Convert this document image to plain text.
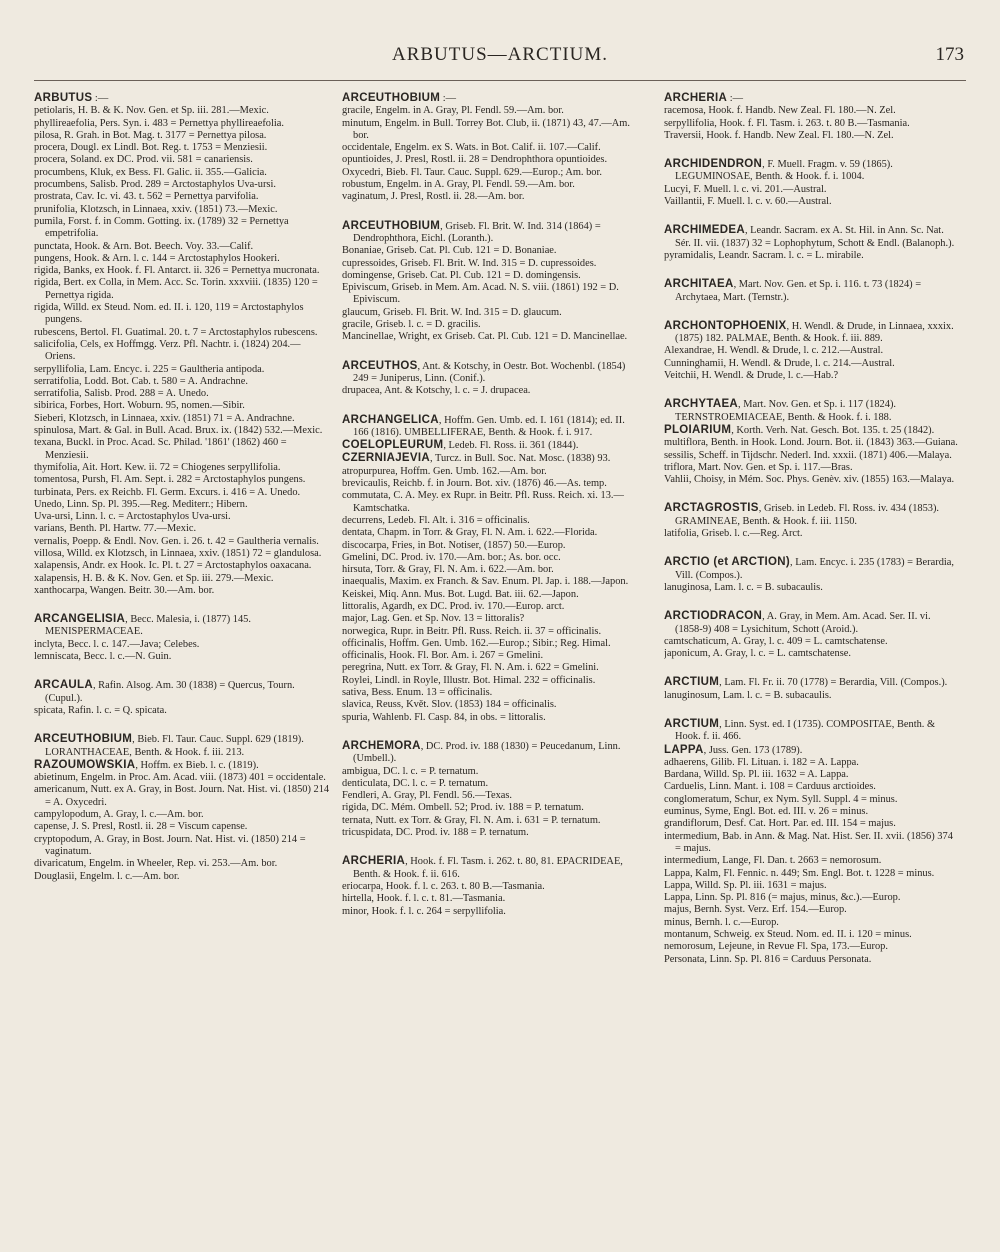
ARBUTUS—ARCTIUM.	173
ARBUTUS :—
petiolaris, H. B. & K. Nov. Gen. et Sp. iii. 281.—Mexic.
phyllireaefolia, Pers. Syn. i. 483 = Pernettya phyllireaefolia.
pilosa, R. Grah. in Bot. Mag. t. 3177 = Pernettya pilosa.
procera, Dougl. ex Lindl. Bot. Reg. t. 1753 = Menziesii.
procera, Soland. ex DC. Prod. vii. 581 = canariensis.
procumbens, Kluk, ex Bess. Fl. Galic. ii. 355.—Galicia.
procumbens, Salisb. Prod. 289 = Arctostaphylos Uva-ursi.
prostrata, Cav. Ic. vi. 43. t. 562 = Pernettya parvifolia.
prunifolia, Klotzsch, in Linnaea, xxiv. (1851) 73.—Mexic.
pumila, Forst. f. in Comm. Gotting. ix. (1789) 32 = Pernettya empetrifolia.
punctata, Hook. & Arn. Bot. Beech. Voy. 33.—Calif.
pungens, Hook. & Arn. l. c. 144 = Arctostaphylos Hookeri.
rigida, Banks, ex Hook. f. Fl. Antarct. ii. 326 = Pernettya mucronata.
rigida, Bert. ex Colla, in Mem. Acc. Sc. Torin. xxxviii. (1835) 120 = Pernettya rigida.
rigida, Willd. ex Steud. Nom. ed. II. i. 120, 119 = Arctostaphylos pungens.
rubescens, Bertol. Fl. Guatimal. 20. t. 7 = Arctostaphylos rubescens.
salicifolia, Cels, ex Hoffmgg. Verz. Pfl. Nachtr. i. (1824) 204.—Oriens.
serpyllifolia, Lam. Encyc. i. 225 = Gaultheria antipoda.
serratifolia, Lodd. Bot. Cab. t. 580 = A. Andrachne.
serratifolia, Salisb. Prod. 288 = A. Unedo.
sibirica, Forbes, Hort. Woburn. 95, nomen.—Sibir.
Sieberi, Klotzsch, in Linnaea, xxiv. (1851) 71 = A. Andrachne.
spinulosa, Mart. & Gal. in Bull. Acad. Brux. ix. (1842) 532.—Mexic.
texana, Buckl. in Proc. Acad. Sc. Philad. '1861' (1862) 460 = Menziesii.
thymifolia, Ait. Hort. Kew. ii. 72 = Chiogenes serpyllifolia.
tomentosa, Pursh, Fl. Am. Sept. i. 282 = Arctostaphylos pungens.
turbinata, Pers. ex Reichb. Fl. Germ. Excurs. i. 416 = A. Unedo.
Unedo, Linn. Sp. Pl. 395.—Reg. Mediterr.; Hibern.
Uva-ursi, Linn. l. c. = Arctostaphylos Uva-ursi.
varians, Benth. Pl. Hartw. 77.—Mexic.
vernalis, Poepp. & Endl. Nov. Gen. i. 26. t. 42 = Gaultheria vernalis.
villosa, Willd. ex Klotzsch, in Linnaea, xxiv. (1851) 72 = glandulosa.
xalapensis, Andr. ex Hook. Ic. Pl. t. 27 = Arctostaphylos oaxacana.
xalapensis, H. B. & K. Nov. Gen. et Sp. iii. 279.—Mexic.
xanthocarpa, Wangen. Beitr. 30.—Am. bor.
ARCANGELISIA, Becc. Malesia, i. (1877) 145. MENISPERMACEAE.
inclyta, Becc. l. c. 147.—Java; Celebes.
lemniscata, Becc. l. c.—N. Guin.
ARCAULA, Rafin. Alsog. Am. 30 (1838) = Quercus, Tourn. (Cupul.).
spicata, Rafin. l. c. = Q. spicata.
ARCEUTHOBIUM, Bieb. Fl. Taur. Cauc. Suppl. 629 (1819). LORANTHACEAE, Benth. & Hook. f. iii. 213.
RAZOUMOWSKIA, Hoffm. ex Bieb. l. c. (1819).
abietinum, Engelm. in Proc. Am. Acad. viii. (1873) 401 = occidentale.
americanum, Nutt. ex A. Gray, in Bost. Journ. Nat. Hist. vi. (1850) 214 = A. Oxycedri.
campylopodum, A. Gray, l. c.—Am. bor.
capense, J. S. Presl, Rostl. ii. 28 = Viscum capense.
cryptopodum, A. Gray, in Bost. Journ. Nat. Hist. vi. (1850) 214 = vaginatum.
divaricatum, Engelm. in Wheeler, Rep. vi. 253.—Am. bor.
Douglasii, Engelm. l. c.—Am. bor.
ARCEUTHOBIUM :—
gracile, Engelm. in A. Gray, Pl. Fendl. 59.—Am. bor.
minutum, Engelm. in Bull. Torrey Bot. Club, ii. (1871) 43, 47.—Am. bor.
occidentale, Engelm. ex S. Wats. in Bot. Calif. ii. 107.—Calif.
opuntioides, J. Presl, Rostl. ii. 28 = Dendrophthora opuntioides.
Oxycedri, Bieb. Fl. Taur. Cauc. Suppl. 629.—Europ.; Am. bor.
robustum, Engelm. in A. Gray, Pl. Fendl. 59.—Am. bor.
vaginatum, J. Presl, Rostl. ii. 28.—Am. bor.
ARCEUTHOBIUM, Griseb. Fl. Brit. W. Ind. 314 (1864) = Dendrophthora, Eichl. (Loranth.).
Bonaniae, Griseb. Cat. Pl. Cub. 121 = D. Bonaniae.
cupressoides, Griseb. Fl. Brit. W. Ind. 315 = D. cupressoides.
domingense, Griseb. Cat. Pl. Cub. 121 = D. domingensis.
Epiviscum, Griseb. in Mem. Am. Acad. N. S. viii. (1861) 192 = D. Epiviscum.
glaucum, Griseb. Fl. Brit. W. Ind. 315 = D. glaucum.
gracile, Griseb. l. c. = D. gracilis.
Mancinellae, Wright, ex Griseb. Cat. Pl. Cub. 121 = D. Mancinellae.
ARCEUTHOS, Ant. & Kotschy, in Oestr. Bot. Wochenbl. (1854) 249 = Juniperus, Linn. (Conif.).
drupacea, Ant. & Kotschy, l. c. = J. drupacea.
ARCHANGELICA, Hoffm. Gen. Umb. ed. I. 161 (1814); ed. II. 166 (1816). UMBELLIFERAE, Benth. & Hook. f. i. 917.
COELOPLEURUM, Ledeb. Fl. Ross. ii. 361 (1844).
CZERNIAJEVIA, Turcz. in Bull. Soc. Nat. Mosc. (1838) 93.
atropurpurea, Hoffm. Gen. Umb. 162.—Am. bor.
brevicaulis, Reichb. f. in Journ. Bot. xiv. (1876) 46.—As. temp.
commutata, C. A. Mey. ex Rupr. in Beitr. Pfl. Russ. Reich. xi. 13.—Kamtschatka.
decurrens, Ledeb. Fl. Alt. i. 316 = officinalis.
dentata, Chapm. in Torr. & Gray, Fl. N. Am. i. 622.—Florida.
discocarpa, Fries, in Bot. Notiser, (1857) 50.—Europ.
Gmelini, DC. Prod. iv. 170.—Am. bor.; As. bor. occ.
hirsuta, Torr. & Gray, Fl. N. Am. i. 622.—Am. bor.
inaequalis, Maxim. ex Franch. & Sav. Enum. Pl. Jap. i. 188.—Japon.
Keiskei, Miq. Ann. Mus. Bot. Lugd. Bat. iii. 62.—Japon.
littoralis, Agardh, ex DC. Prod. iv. 170.—Europ. arct.
major, Lag. Gen. et Sp. Nov. 13 = littoralis?
norwegica, Rupr. in Beitr. Pfl. Russ. Reich. ii. 37 = officinalis.
officinalis, Hoffm. Gen. Umb. 162.—Europ.; Sibir.; Reg. Himal.
officinalis, Hook. Fl. Bor. Am. i. 267 = Gmelini.
peregrina, Nutt. ex Torr. & Gray, Fl. N. Am. i. 622 = Gmelini.
Roylei, Lindl. in Royle, Illustr. Bot. Himal. 232 = officinalis.
sativa, Bess. Enum. 13 = officinalis.
slavica, Reuss, Květ. Slov. (1853) 184 = officinalis.
spuria, Wahlenb. Fl. Casp. 84, in obs. = littoralis.
ARCHEMORA, DC. Prod. iv. 188 (1830) = Peucedanum, Linn. (Umbell.).
ambigua, DC. l. c. = P. ternatum.
denticulata, DC. l. c. = P. ternatum.
Fendleri, A. Gray, Pl. Fendl. 56.—Texas.
rigida, DC. Mém. Ombell. 52; Prod. iv. 188 = P. ternatum.
ternata, Nutt. ex Torr. & Gray, Fl. N. Am. i. 631 = P. ternatum.
tricuspidata, DC. Prod. iv. 188 = P. ternatum.
ARCHERIA, Hook. f. Fl. Tasm. i. 262. t. 80, 81. EPACRIDEAE, Benth. & Hook. f. ii. 616.
eriocarpa, Hook. f. l. c. 263. t. 80 B.—Tasmania.
hirtella, Hook. f. l. c. t. 81.—Tasmania.
minor, Hook. f. l. c. 264 = serpyllifolia.
ARCHERIA :—
racemosa, Hook. f. Handb. New Zeal. Fl. 180.—N. Zel.
serpyllifolia, Hook. f. Fl. Tasm. i. 263. t. 80 B.—Tasmania.
Traversii, Hook. f. Handb. New Zeal. Fl. 180.—N. Zel.
ARCHIDENDRON, F. Muell. Fragm. v. 59 (1865). LEGUMINOSAE, Benth. & Hook. f. i. 1004.
Lucyi, F. Muell. l. c. vi. 201.—Austral.
Vaillantii, F. Muell. l. c. v. 60.—Austral.
ARCHIMEDEA, Leandr. Sacram. ex A. St. Hil. in Ann. Sc. Nat. Sér. II. vii. (1837) 32 = Lophophytum, Schott & Endl. (Balanoph.).
pyramidalis, Leandr. Sacram. l. c. = L. mirabile.
ARCHITAEA, Mart. Nov. Gen. et Sp. i. 116. t. 73 (1824) = Archytaea, Mart. (Ternstr.).
ARCHONTOPHOENIX, H. Wendl. & Drude, in Linnaea, xxxix. (1875) 182. PALMAE, Benth. & Hook. f. iii. 889.
Alexandrae, H. Wendl. & Drude, l. c. 212.—Austral.
Cunninghamii, H. Wendl. & Drude, l. c. 214.—Austral.
Veitchii, H. Wendl. & Drude, l. c.—Hab.?
ARCHYTAEA, Mart. Nov. Gen. et Sp. i. 117 (1824). TERNSTROEMIACEAE, Benth. & Hook. f. i. 188.
PLOIARIUM, Korth. Verh. Nat. Gesch. Bot. 135. t. 25 (1842).
multiflora, Benth. in Hook. Lond. Journ. Bot. ii. (1843) 363.—Guiana.
sessilis, Scheff. in Tijdschr. Nederl. Ind. xxxii. (1871) 406.—Malaya.
triflora, Mart. Nov. Gen. et Sp. i. 117.—Bras.
Vahlii, Choisy, in Mém. Soc. Phys. Genèv. xiv. (1855) 163.—Malaya.
ARCTAGROSTIS, Griseb. in Ledeb. Fl. Ross. iv. 434 (1853). GRAMINEAE, Benth. & Hook. f. iii. 1150.
latifolia, Griseb. l. c.—Reg. Arct.
ARCTIO (et ARCTION), Lam. Encyc. i. 235 (1783) = Berardia, Vill. (Compos.).
lanuginosa, Lam. l. c. = B. subacaulis.
ARCTIODRACON, A. Gray, in Mem. Am. Acad. Ser. II. vi. (1858-9) 408 = Lysichitum, Schott (Aroid.).
camtschaticum, A. Gray, l. c. 409 = L. camtschatense.
japonicum, A. Gray, l. c. = L. camtschatense.
ARCTIUM, Lam. Fl. Fr. ii. 70 (1778) = Berardia, Vill. (Compos.).
lanuginosum, Lam. l. c. = B. subacaulis.
ARCTIUM, Linn. Syst. ed. I (1735). COMPOSITAE, Benth. & Hook. f. ii. 466.
LAPPA, Juss. Gen. 173 (1789).
adhaerens, Gilib. Fl. Lituan. i. 182 = A. Lappa.
Bardana, Willd. Sp. Pl. iii. 1632 = A. Lappa.
Carduelis, Linn. Mant. i. 108 = Carduus arctioides.
conglomeratum, Schur, ex Nym. Syll. Suppl. 4 = minus.
euminus, Syme, Engl. Bot. ed. III. v. 26 = minus.
grandiflorum, Desf. Cat. Hort. Par. ed. III. 154 = majus.
intermedium, Bab. in Ann. & Mag. Nat. Hist. Ser. II. xvii. (1856) 374 = majus.
intermedium, Lange, Fl. Dan. t. 2663 = nemorosum.
Lappa, Kalm, Fl. Fennic. n. 449; Sm. Engl. Bot. t. 1228 = minus.
Lappa, Willd. Sp. Pl. iii. 1631 = majus.
Lappa, Linn. Sp. Pl. 816 (= majus, minus, &c.).—Europ.
majus, Bernh. Syst. Verz. Erf. 154.—Europ.
minus, Bernh. l. c.—Europ.
montanum, Schweig. ex Steud. Nom. ed. II. i. 120 = minus.
nemorosum, Lejeune, in Revue Fl. Spa, 173.—Europ.
Personata, Linn. Sp. Pl. 816 = Carduus Personata.
